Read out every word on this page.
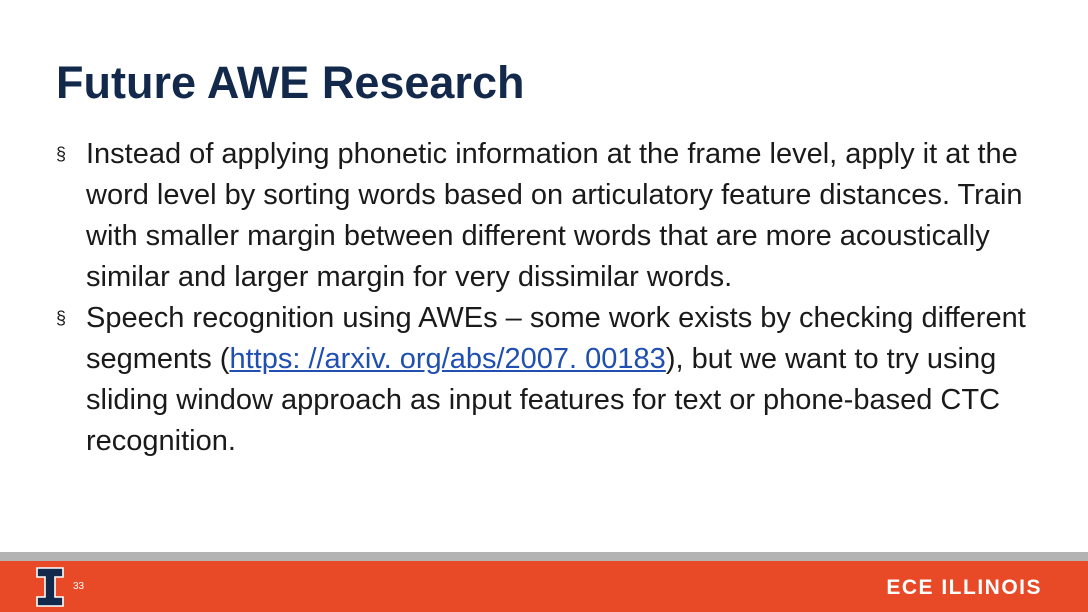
Future AWE Research
§ Instead of applying phonetic information at the frame level, apply it at the word level by sorting words based on articulatory feature distances. Train with smaller margin between different words that are more acoustically similar and larger margin for very dissimilar words.
§ Speech recognition using AWEs – some work exists by checking different segments (https: //arxiv. org/abs/2007. 00183), but we want to try using sliding window approach as input features for text or phone-based CTC recognition.
33	ECE ILLINOIS
